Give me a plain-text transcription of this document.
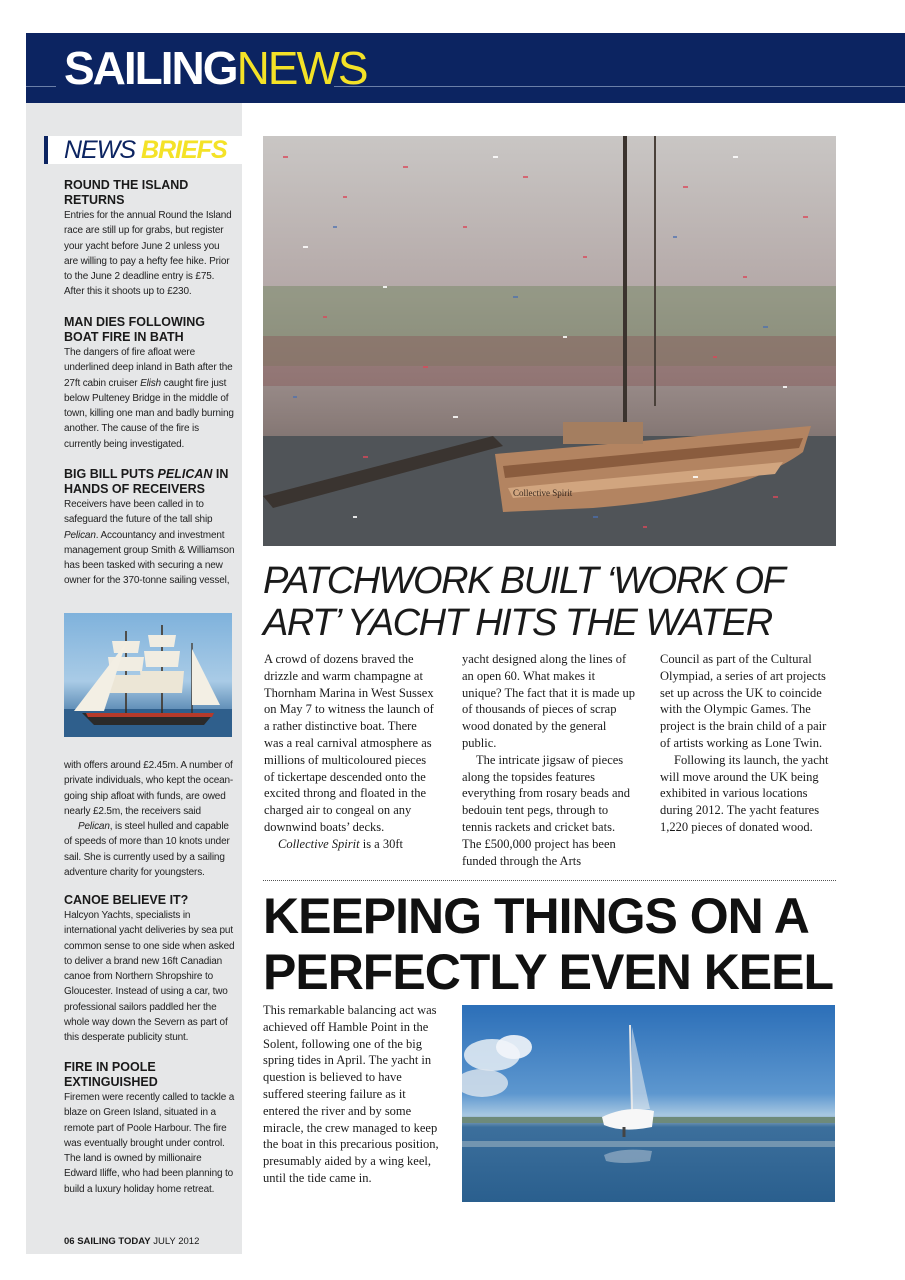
SAILINGNEWS
NEWS BRIEFS
ROUND THE ISLAND RETURNS

Entries for the annual Round the Island race are still up for grabs, but register your yacht before June 2 unless you are willing to pay a hefty fee hike. Prior to the June 2 deadline entry is £75. After this it shoots up to £230.

MAN DIES FOLLOWING BOAT FIRE IN BATH

The dangers of fire afloat were underlined deep inland in Bath after the 27ft cabin cruiser Elish caught fire just below Pulteney Bridge in the middle of town, killing one man and badly burning another. The cause of the fire is currently being investigated.

BIG BILL PUTS PELICAN IN HANDS OF RECEIVERS

Receivers have been called in to safeguard the future of the tall ship Pelican. Accountancy and investment management group Smith & Williamson has been tasked with securing a new owner for the 370-tonne sailing vessel,

with offers around £2.45m. A number of private individuals, who kept the ocean-going ship afloat with funds, are owed nearly £2.5m, the receivers said

Pelican, is steel hulled and capable of speeds of more than 10 knots under sail. She is currently used by a sailing adventure charity for youngsters.

CANOE BELIEVE IT?

Halcyon Yachts, specialists in international yacht deliveries by sea put common sense to one side when asked to deliver a brand new 16ft Canadian canoe from Northern Shropshire to Gloucester. Instead of using a car, two professional sailors paddled her the whole way down the Severn as part of this desperate publicity stunt.

FIRE IN POOLE EXTINGUISHED

Firemen were recently called to tackle a blaze on Green Island, situated in a remote part of Poole Harbour. The fire was eventually brought under control. The land is owned by millionaire Edward Iliffe, who had been planning to build a luxury holiday home retreat.

06 SAILING TODAY JULY 2012
Collective Spirit
PATCHWORK BUILT ‘WORK OF ART’ YACHT HITS THE WATER

A crowd of dozens braved the drizzle and warm champagne at Thornham Marina in West Sussex on May 7 to witness the launch of a rather distinctive boat. There was a real carnival atmosphere as millions of multicoloured pieces of tickertape descended onto the excited throng and floated in the charged air to congeal on any downwind boats’ decks.

Collective Spirit is a 30ft

yacht designed along the lines of an open 60. What makes it unique? The fact that it is made up of thousands of pieces of scrap wood donated by the general public.

The intricate jigsaw of pieces along the topsides features everything from rosary beads and bedouin tent pegs, through to tennis rackets and cricket bats. The £500,000 project has been funded through the Arts

Council as part of the Cultural Olympiad, a series of art projects set up across the UK to coincide with the Olympic Games. The project is the brain child of a pair of artists working as Lone Twin.

Following its launch, the yacht will move around the UK being exhibited in various locations during 2012. The yacht features 1,220 pieces of donated wood.

KEEPING THINGS ON A PERFECTLY EVEN KEEL

This remarkable balancing act was achieved off Hamble Point in the Solent, following one of the big spring tides in April. The yacht in question is believed to have suffered steering failure as it entered the river and by some miracle, the crew managed to keep the boat in this precarious position, presumably aided by a wing keel, until the tide came in.
